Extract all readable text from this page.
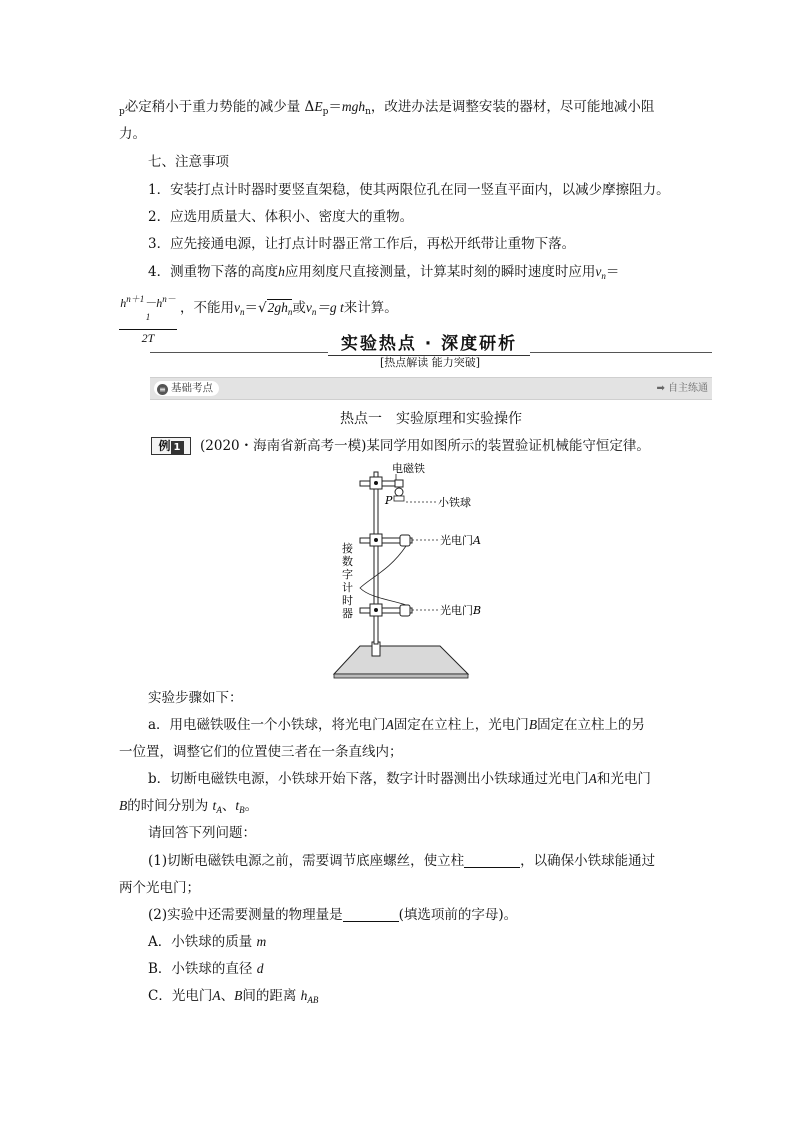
$_p$必定稍小于重力势能的减少量 $\Delta E_p=mgh_n$，改进办法是调整安装的器材，尽可能地减小阻
力。
七、注意事项
1．安装打点计时器时要竖直架稳，使其两限位孔在同一竖直平面内，以减少摩擦阻力。
2．应选用质量大、体积小、密度大的重物。
3．应先接通电源，让打点计时器正常工作后，再松开纸带让重物下落。
4．测重物下落的高度h应用刻度尺直接测量，计算某时刻的瞬时速度时应用$v_n=$
$\frac{h^{n+1}-h^{n-1}}{2T}$ ，不能用$v_n=√2gh_n$或$v_n=g$ t来计算。
实验热点 · 深度研析
[热点解读 能力突破]
≡ 基础考点	➡ 自主练通
热点一　实验原理和实验操作
例 1	(2020・海南省新高考一模)某同学用如图所示的装置验证机械能守恒定律。
电磁铁
P	小铁球
光电门A
光电门B
接
数
字
计
时
器
实验步骤如下：
a．用电磁铁吸住一个小铁球，将光电门A固定在立柱上，光电门B固定在立柱上的另
一位置，调整它们的位置使三者在一条直线内；
b．切断电磁铁电源，小铁球开始下落，数字计时器测出小铁球通过光电门A和光电门
B的时间分别为 $t_A$、$t_B$。
请回答下列问题：
(1)切断电磁铁电源之前，需要调节底座螺丝，使立柱	，以确保小铁球能通过
两个光电门；
(2)实验中还需要测量的物理量是	(填选项前的字母)。
A．小铁球的质量 m
B．小铁球的直径 d
C．光电门A、B间的距离 $h_{AB}$
